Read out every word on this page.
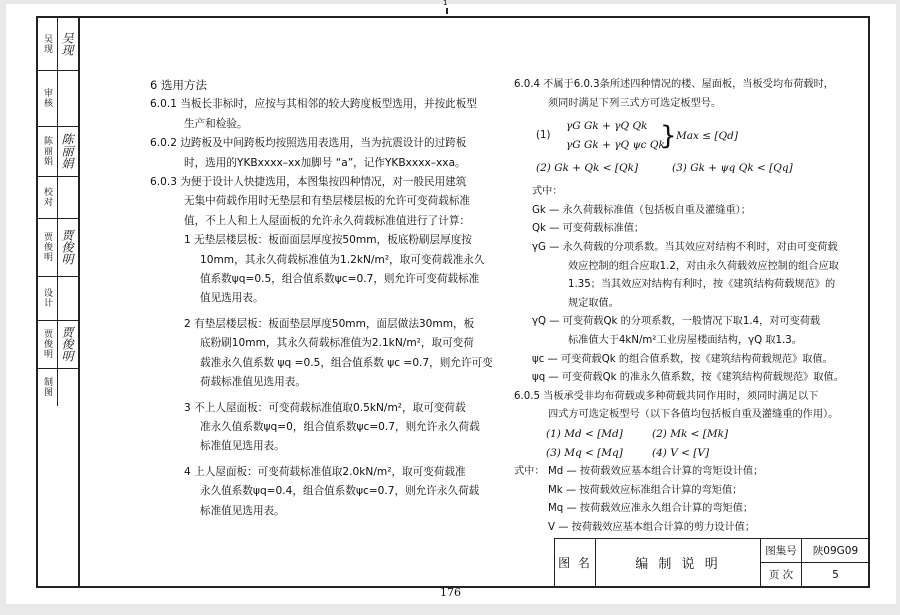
吴现 吴现
审核
陈丽娟 陈丽娟
校对
贾俊明 贾俊明
设计
贾俊明 贾俊明
制图

6 选用方法

6.0.1 当板长非标时，应按与其相邻的较大跨度板型选用，并按此板型

生产和检验。

6.0.2 边跨板及中间跨板均按照选用表选用，当为抗震设计的过跨板

时，选用的YKBxxxx–xx加脚号 “a”，记作YKBxxxx–xxa。

6.0.3 为便于设计人快捷选用，本图集按四种情况，对一般民用建筑

无集中荷载作用时无垫层和有垫层楼层板的允许可变荷载标准

值，不上人和上人屋面板的允许永久荷载标准值进行了计算：

1 无垫层楼层板：板面面层厚度按50mm，板底粉刷层厚度按

10mm，其永久荷载标准值为1.2kN/m²，取可变荷载准永久

值系数ψq=0.5，组合值系数ψc=0.7，则允许可变荷载标准

值见选用表。

2 有垫层楼层板：板面垫层厚度50mm，面层做法30mm，板

底粉刷10mm，其永久荷载标准值为2.1kN/m²，取可变荷

载准永久值系数 ψq =0.5，组合值系数 ψc =0.7，则允许可变

荷载标准值见选用表。

3 不上人屋面板：可变荷载标准值取0.5kN/m²，取可变荷载

准永久值系数ψq=0，组合值系数ψc=0.7，则允许永久荷载

标准值见选用表。

4 上人屋面板：可变荷载标准值取2.0kN/m²，取可变荷载准

永久值系数ψq=0.4，组合值系数ψc=0.7，则允许永久荷载

标准值见选用表。

6.0.4 不属于6.0.3条所述四种情况的楼、屋面板，当板受均布荷载时，

须同时满足下列三式方可选定板型号。

(1)
γG Gk + γQ Qk
γG Gk + γQ ψc Qk
} Max ≤ [Qd]
(2) Gk + Qk < [Qk]	(3) Gk + ψq Qk < [Qq]

式中：

Gk — 永久荷载标准值（包括板自重及灌缝重）；

Qk — 可变荷载标准值；

γG — 永久荷载的分项系数。当其效应对结构不利时，对由可变荷载

效应控制的组合应取1.2，对由永久荷载效应控制的组合应取

1.35；当其效应对结构有利时，按《建筑结构荷载规范》的

规定取值。

γQ — 可变荷载Qk 的分项系数，一般情况下取1.4，对可变荷载

标准值大于4kN/m²工业房屋楼面结构，γQ 取1.3。

ψc — 可变荷载Qk 的组合值系数，按《建筑结构荷载规范》取值。

ψq — 可变荷载Qk 的准永久值系数，按《建筑结构荷载规范》取值。

6.0.5 当板承受非均布荷载或多种荷载共同作用时，须同时满足以下

四式方可选定板型号（以下各值均包括板自重及灌缝重的作用）。

(1) Md < [Md]	(2) Mk < [Mk]
(3) Mq < [Mq]	(4) V < [V]
式中： Md — 按荷载效应基本组合计算的弯矩设计值；

Mk — 按荷载效应标准组合计算的弯矩值；

Mq — 按荷载效应准永久组合计算的弯矩值；

V — 按荷载效应基本组合计算的剪力设计值；

图 名	编 制 说 明	图集号	陕09G09
		页 次	5
176
1
